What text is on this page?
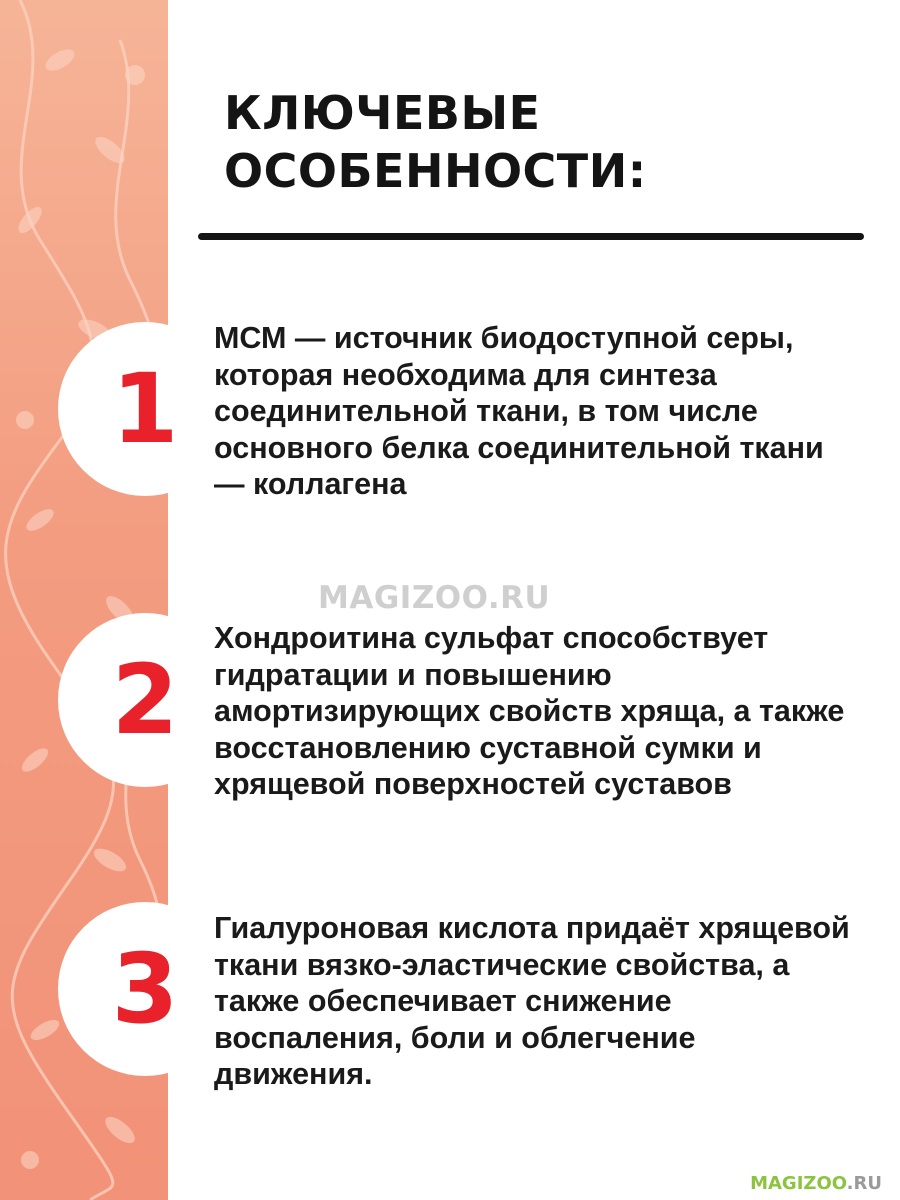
КЛЮЧЕВЫЕ
ОСОБЕННОСТИ:
1

МСМ — источник биодоступной серы, которая необходима для синтеза соединительной ткани, в том числе основного белка соединительной ткани — коллагена

MAGIZOO.RU
2

Хондроитина сульфат способствует гидратации и повышению амортизирующих свойств хряща, а также восстановлению суставной сумки и хрящевой поверхностей суставов

3

Гиалуроновая кислота придаёт хрящевой ткани вязко-эластические свойства, а также обеспечивает снижение воспаления, боли и облегчение движения.

MAGIZOO.RU
